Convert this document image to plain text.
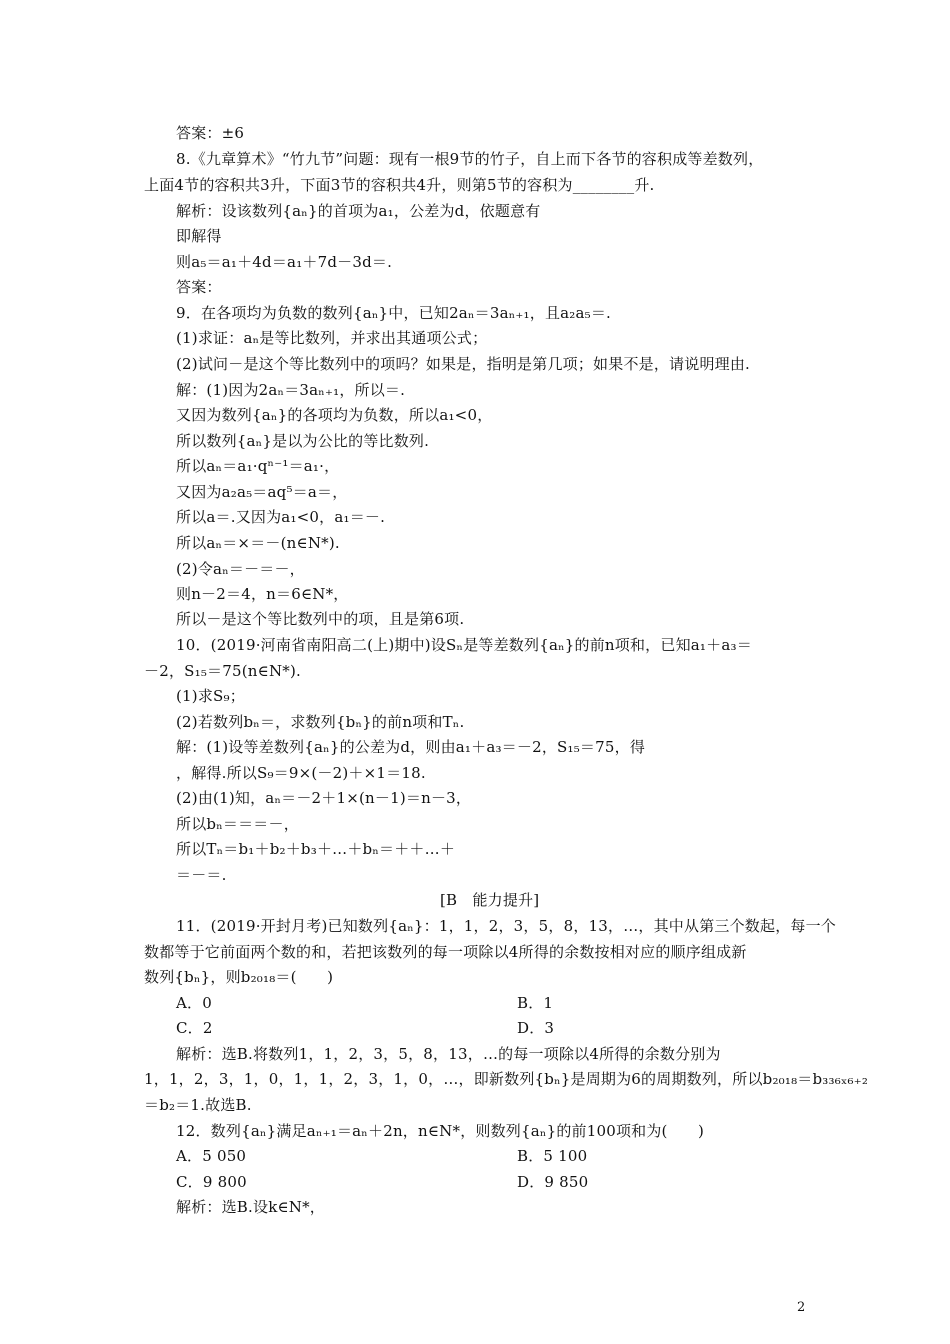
答案：±6
8.《九章算术》“竹九节”问题：现有一根9节的竹子，自上而下各节的容积成等差数列，
上面4节的容积共3升，下面3节的容积共4升，则第5节的容积为________升.
解析：设该数列{aₙ}的首项为a₁，公差为d，依题意有
即解得
则a₅＝a₁＋4d＝a₁＋7d－3d＝.
答案：
9．在各项均为负数的数列{aₙ}中，已知2aₙ＝3aₙ₊₁，且a₂a₅＝.
(1)求证：aₙ是等比数列，并求出其通项公式；
(2)试问－是这个等比数列中的项吗？如果是，指明是第几项；如果不是，请说明理由.
解：(1)因为2aₙ＝3aₙ₊₁，所以＝.
又因为数列{aₙ}的各项均为负数，所以a₁<0，
所以数列{aₙ}是以为公比的等比数列.
所以aₙ＝a₁·qⁿ⁻¹＝a₁·，
又因为a₂a₅＝aq⁵＝a＝，
所以a＝.又因为a₁<0，a₁＝－.
所以aₙ＝×＝－(n∈N*).
(2)令aₙ＝－＝－，
则n－2＝4，n＝6∈N*，
所以－是这个等比数列中的项，且是第6项.
10．(2019·河南省南阳高二(上)期中)设Sₙ是等差数列{aₙ}的前n项和，已知a₁＋a₃＝
－2，S₁₅＝75(n∈N*).
(1)求S₉；
(2)若数列bₙ＝，求数列{bₙ}的前n项和Tₙ.
解：(1)设等差数列{aₙ}的公差为d，则由a₁＋a₃＝－2，S₁₅＝75，得
，解得.所以S₉＝9×(－2)＋×1＝18.
(2)由(1)知，aₙ＝－2＋1×(n－1)＝n－3，
所以bₙ＝＝＝－，
所以Tₙ＝b₁＋b₂＋b₃＋…＋bₙ＝＋＋…＋
＝－＝.
[B　能力提升]
11．(2019·开封月考)已知数列{aₙ}：1，1，2，3，5，8，13，…，其中从第三个数起，每一个
数都等于它前面两个数的和，若把该数列的每一项除以4所得的余数按相对应的顺序组成新
数列{bₙ}，则b₂₀₁₈＝(　　)
A．0	B．1
C．2	D．3
解析：选B.将数列1，1，2，3，5，8，13，…的每一项除以4所得的余数分别为
1，1，2，3，1，0，1，1，2，3，1，0，…，即新数列{bₙ}是周期为6的周期数列，所以b₂₀₁₈＝b₃₃₆ₓ₆₊₂
＝b₂＝1.故选B.
12．数列{aₙ}满足aₙ₊₁＝aₙ＋2n，n∈N*，则数列{aₙ}的前100项和为(　　)
A．5 050	B．5 100
C．9 800	D．9 850
解析：选B.设k∈N*，
2
